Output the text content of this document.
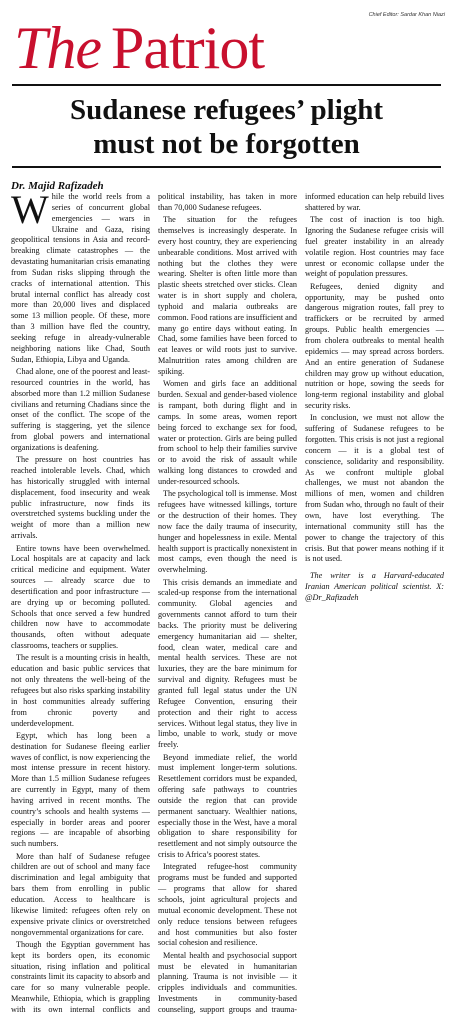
Chief Editor: Sardar Khan Niazi
The Patriot
Sudanese refugees’ plight
must not be forgotten
Dr. Majid Rafizadeh

While the world reels from a series of concurrent global emergencies — wars in Ukraine and Gaza, rising geopolitical tensions in Asia and record-breaking climate catastrophes — the devastating humanitarian crisis emanating from Sudan risks slipping through the cracks of international attention. This brutal internal conflict has already cost more than 20,000 lives and displaced some 13 million people. Of these, more than 3 million have fled the country, seeking refuge in already-vulnerable neighboring nations like Chad, South Sudan, Ethiopia, Libya and Uganda.

Chad alone, one of the poorest and least-resourced countries in the world, has absorbed more than 1.2 million Sudanese civilians and returning Chadians since the onset of the conflict. The scope of the suffering is staggering, yet the silence from global powers and international organizations is deafening.

The pressure on host countries has reached intolerable levels. Chad, which has historically struggled with internal displacement, food insecurity and weak public infrastructure, now finds its overstretched systems buckling under the weight of more than a million new arrivals.

Entire towns have been overwhelmed. Local hospitals are at capacity and lack critical medicine and equipment. Water sources — already scarce due to desertification and poor infrastructure — are drying up or becoming polluted. Schools that once served a few hundred children now have to accommodate thousands, often without adequate classrooms, teachers or supplies.

The result is a mounting crisis in health, education and basic public services that not only threatens the well-being of the refugees but also risks sparking instability in host communities already suffering from chronic poverty and underdevelopment.

Egypt, which has long been a destination for Sudanese fleeing earlier waves of conflict, is now experiencing the most intense pressure in recent history. More than 1.5 million Sudanese refugees are currently in Egypt, many of them having arrived in recent months. The country’s schools and health systems — especially in border areas and poorer regions — are incapable of absorbing such numbers.

More than half of Sudanese refugee children are out of school and many face discrimination and legal ambiguity that bars them from enrolling in public education. Access to healthcare is likewise limited: refugees often rely on expensive private clinics or overstretched nongovernmental organizations for care.

Though the Egyptian government has kept its borders open, its economic situation, rising inflation and political constraints limit its capacity to absorb and care for so many vulnerable people. Meanwhile, Ethiopia, which is grappling with its own internal conflicts and political instability, has taken in more than 70,000 Sudanese refugees.

The situation for the refugees themselves is increasingly desperate. In every host country, they are experiencing unbearable conditions. Most arrived with nothing but the clothes they were wearing. Shelter is often little more than plastic sheets stretched over sticks. Clean water is in short supply and cholera, typhoid and malaria outbreaks are common. Food rations are insufficient and many go entire days without eating. In Chad, some families have been forced to eat leaves or wild roots just to survive. Malnutrition rates among children are spiking.

Women and girls face an additional burden. Sexual and gender-based violence is rampant, both during flight and in camps. In some areas, women report being forced to exchange sex for food, water or protection. Girls are being pulled from school to help their families survive or to avoid the risk of assault while walking long distances to crowded and under-resourced schools.

The psychological toll is immense. Most refugees have witnessed killings, torture or the destruction of their homes. They now face the daily trauma of insecurity, hunger and hopelessness in exile. Mental health support is practically nonexistent in most camps, even though the need is overwhelming.

This crisis demands an immediate and scaled-up response from the international community. Global agencies and governments cannot afford to turn their backs. The priority must be delivering emergency humanitarian aid — shelter, food, clean water, medical care and mental health services. These are not luxuries, they are the bare minimum for survival and dignity. Refugees must be granted full legal status under the UN Refugee Convention, ensuring their protection and their right to access services. Without legal status, they live in limbo, unable to work, study or move freely.

Beyond immediate relief, the world must implement longer-term solutions. Resettlement corridors must be expanded, offering safe pathways to countries outside the region that can provide permanent sanctuary. Wealthier nations, especially those in the West, have a moral obligation to share responsibility for resettlement and not simply outsource the crisis to Africa’s poorest states.

Integrated refugee-host community programs must be funded and supported — programs that allow for shared schools, joint agricultural projects and mutual economic development. These not only reduce tensions between refugees and host communities but also foster social cohesion and resilience.

Mental health and psychosocial support must be elevated in humanitarian planning. Trauma is not invisible — it cripples individuals and communities. Investments in community-based counseling, support groups and trauma-informed education can help rebuild lives shattered by war.

The cost of inaction is too high. Ignoring the Sudanese refugee crisis will fuel greater instability in an already volatile region. Host countries may face unrest or economic collapse under the weight of population pressures.

Refugees, denied dignity and opportunity, may be pushed onto dangerous migration routes, fall prey to traffickers or be recruited by armed groups. Public health emergencies — from cholera outbreaks to mental health epidemics — may spread across borders. And an entire generation of Sudanese children may grow up without education, nutrition or hope, sowing the seeds for long-term regional instability and global security risks.

In conclusion, we must not allow the suffering of Sudanese refugees to be forgotten. This crisis is not just a regional concern — it is a global test of conscience, solidarity and responsibility. As we confront multiple global challenges, we must not abandon the millions of men, women and children from Sudan who, through no fault of their own, have lost everything. The international community still has the power to change the trajectory of this crisis. But that power means nothing if it is not used.

The writer is a Harvard-educated Iranian American political scientist. X: @Dr_Rafizadeh
